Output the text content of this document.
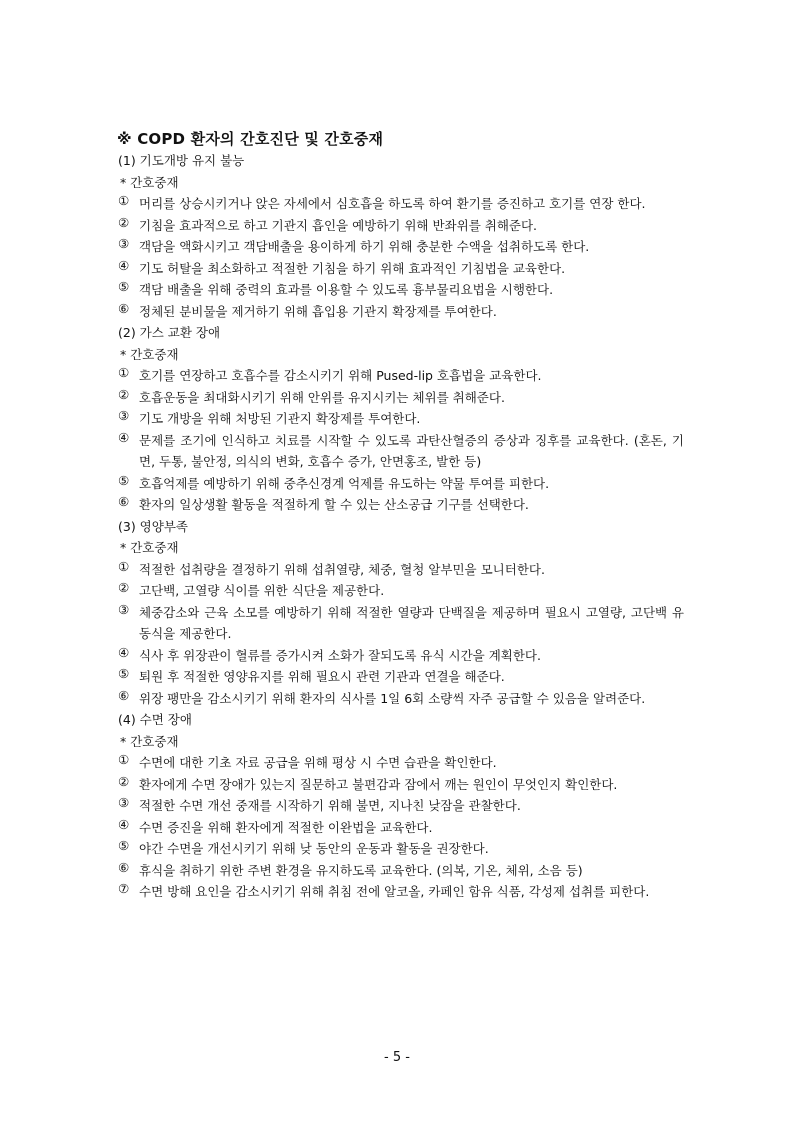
※ COPD 환자의 간호진단 및 간호중재
(1) 기도개방 유지 불능
* 간호중재
① 머리를 상승시키거나 앉은 자세에서 심호흡을 하도록 하여 환기를 증진하고 호기를 연장 한다.
② 기침을 효과적으로 하고 기관지 흡인을 예방하기 위해 반좌위를 취해준다.
③ 객담을 액화시키고 객담배출을 용이하게 하기 위해 충분한 수액을 섭취하도록 한다.
④ 기도 허탈을 최소화하고 적절한 기침을 하기 위해 효과적인 기침법을 교육한다.
⑤ 객담 배출을 위해 중력의 효과를 이용할 수 있도록 흉부물리요법을 시행한다.
⑥ 정체된 분비물을 제거하기 위해 흡입용 기관지 확장제를 투여한다.
(2) 가스 교환 장애
* 간호중재
① 호기를 연장하고 호흡수를 감소시키기 위해 Pused-lip 호흡법을 교육한다.
② 호흡운동을 최대화시키기 위해 안위를 유지시키는 체위를 취해준다.
③ 기도 개방을 위해 처방된 기관지 확장제를 투여한다.
④ 문제를 조기에 인식하고 치료를 시작할 수 있도록 과탄산혈증의 증상과 징후를 교육한다. (혼돈, 기면, 두통, 불안정, 의식의 변화, 호흡수 증가, 안면홍조, 발한 등)
⑤ 호흡억제를 예방하기 위해 중추신경계 억제를 유도하는 약물 투여를 피한다.
⑥ 환자의 일상생활 활동을 적절하게 할 수 있는 산소공급 기구를 선택한다.
(3) 영양부족
* 간호중재
① 적절한 섭취량을 결정하기 위해 섭취열량, 체중, 혈청 알부민을 모니터한다.
② 고단백, 고열량 식이를 위한 식단을 제공한다.
③ 체중감소와 근육 소모를 예방하기 위해 적절한 열량과 단백질을 제공하며 필요시 고열량, 고단백 유동식을 제공한다.
④ 식사 후 위장관이 혈류를 증가시켜 소화가 잘되도록 유식 시간을 계획한다.
⑤ 퇴원 후 적절한 영양유지를 위해 필요시 관련 기관과 연결을 해준다.
⑥ 위장 팽만을 감소시키기 위해 환자의 식사를 1일 6회 소량씩 자주 공급할 수 있음을 알려준다.
(4) 수면 장애
* 간호중재
① 수면에 대한 기초 자료 공급을 위해 평상 시 수면 습관을 확인한다.
② 환자에게 수면 장애가 있는지 질문하고 불편감과 잠에서 깨는 원인이 무엇인지 확인한다.
③ 적절한 수면 개선 중재를 시작하기 위해 불면, 지나친 낮잠을 관찰한다.
④ 수면 증진을 위해 환자에게 적절한 이완법을 교육한다.
⑤ 야간 수면을 개선시키기 위해 낮 동안의 운동과 활동을 권장한다.
⑥ 휴식을 취하기 위한 주변 환경을 유지하도록 교육한다. (의복, 기온, 체위, 소음 등)
⑦ 수면 방해 요인을 감소시키기 위해 취침 전에 알코올, 카페인 함유 식품, 각성제 섭취를 피한다.
- 5 -
